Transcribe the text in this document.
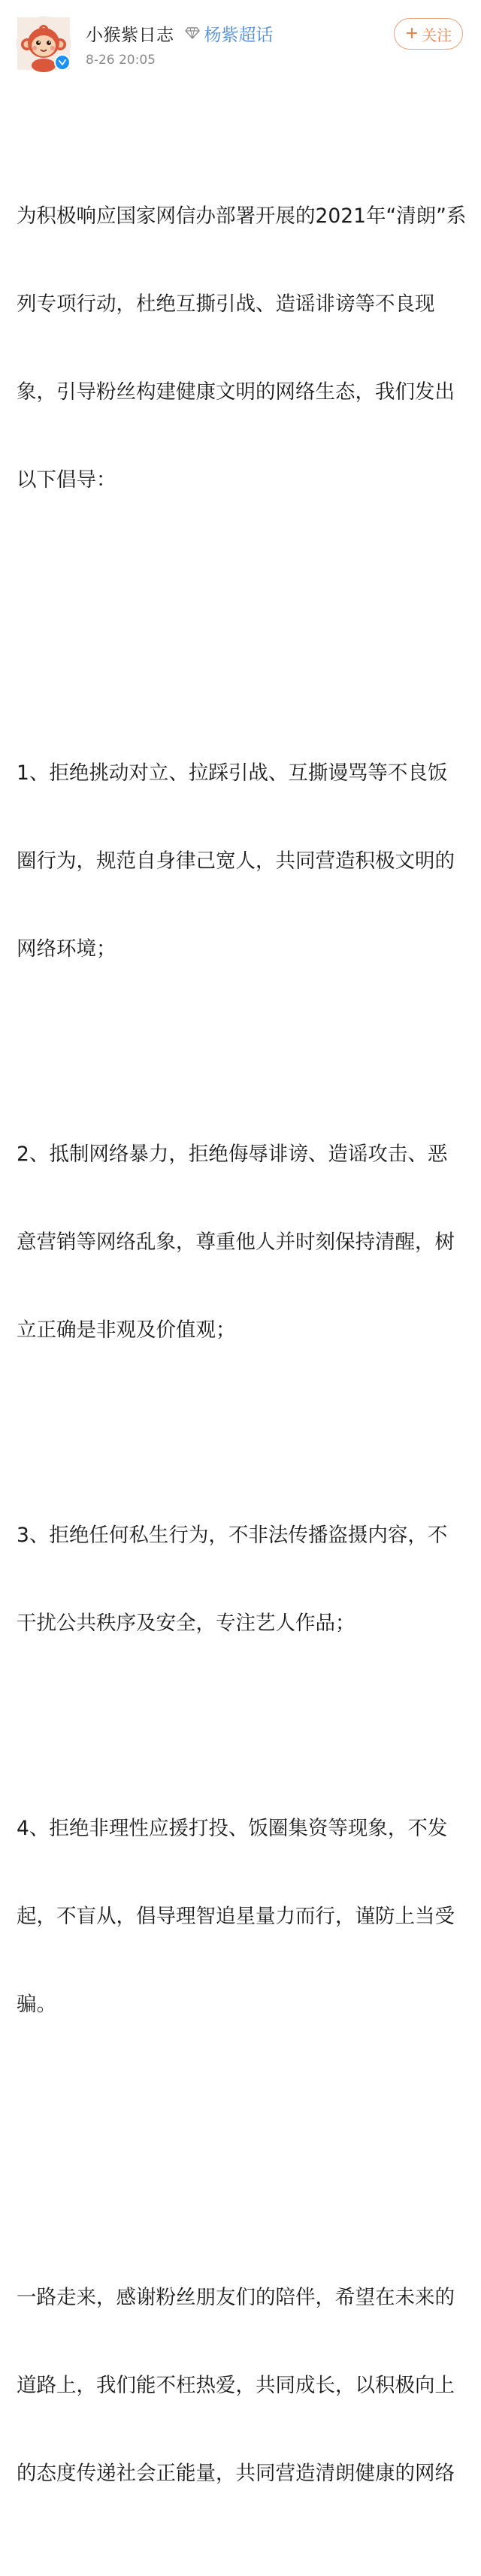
小猴紫日志 杨紫超话
8-26 20:05
+ 关注

为积极响应国家网信办部署开展的2021年“清朗”系

列专项行动，杜绝互撕引战、造谣诽谤等不良现

象，引导粉丝构建健康文明的网络生态，我们发出

以下倡导：

1、拒绝挑动对立、拉踩引战、互撕谩骂等不良饭

圈行为，规范自身律己宽人，共同营造积极文明的

网络环境；

2、抵制网络暴力，拒绝侮辱诽谤、造谣攻击、恶

意营销等网络乱象，尊重他人并时刻保持清醒，树

立正确是非观及价值观；

3、拒绝任何私生行为，不非法传播盗摄内容，不

干扰公共秩序及安全，专注艺人作品；

4、拒绝非理性应援打投、饭圈集资等现象，不发

起，不盲从，倡导理智追星量力而行，谨防上当受

骗。

一路走来，感谢粉丝朋友们的陪伴，希望在未来的

道路上，我们能不枉热爱，共同成长，以积极向上

的态度传递社会正能量，共同营造清朗健康的网络
